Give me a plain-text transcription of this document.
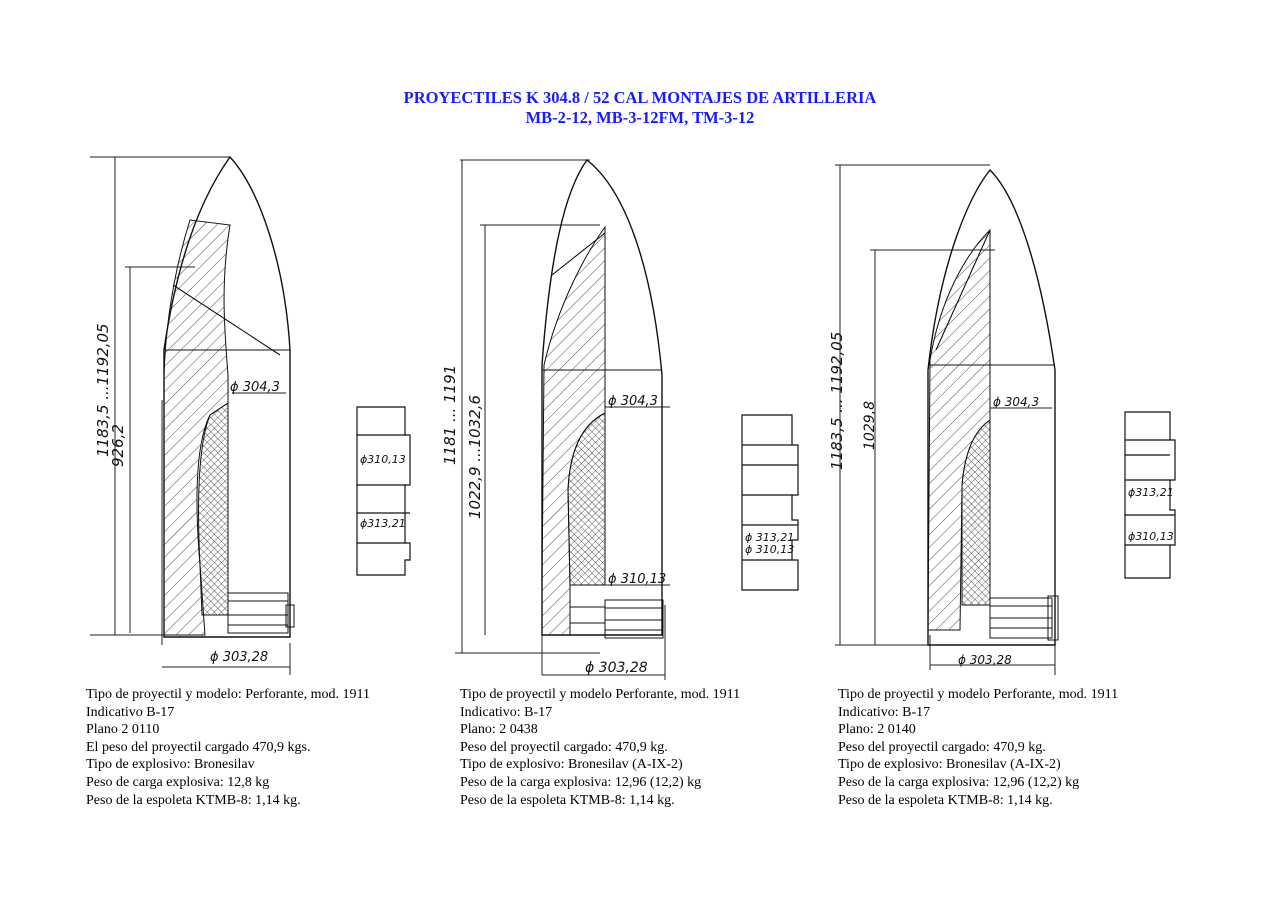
PROYECTILES K 304.8 / 52 CAL MONTAJES DE ARTILLERIA
MB-2-12, MB-3-12FM, TM-3-12
1183,5 ...1192,05
926,2
ϕ 304,3
ϕ 303,28
ϕ310,13
ϕ313,21
1181 ... 1191 1022,9 ...1032,6	ϕ 304,3
ϕ 310,13
ϕ 303,28
ϕ 313,21
ϕ 310,13
1183,5 ... 1192,05 1029,8	ϕ 304,3
ϕ 303,28
ϕ313,21
ϕ310,13
Tipo de proyectil y modelo: Perforante, mod. 1911
Indicativo B-17
Plano 2 0110
El peso del proyectil cargado 470,9 kgs.
Tipo de explosivo: Bronesilav
Peso de carga explosiva: 12,8 kg
Peso de la espoleta KTMB-8: 1,14 kg.
Tipo de proyectil y modelo Perforante, mod. 1911
Indicativo: B-17
Plano: 2 0438
Peso del proyectil cargado: 470,9 kg.
Tipo de explosivo: Bronesilav (A-IX-2)
Peso de la carga explosiva: 12,96 (12,2) kg
Peso de la espoleta KTMB-8: 1,14 kg.
Tipo de proyectil y modelo Perforante, mod. 1911
Indicativo: B-17
Plano: 2 0140
Peso del proyectil cargado: 470,9 kg.
Tipo de explosivo: Bronesilav (A-IX-2)
Peso de la carga explosiva: 12,96 (12,2) kg
Peso de la espoleta KTMB-8: 1,14 kg.
